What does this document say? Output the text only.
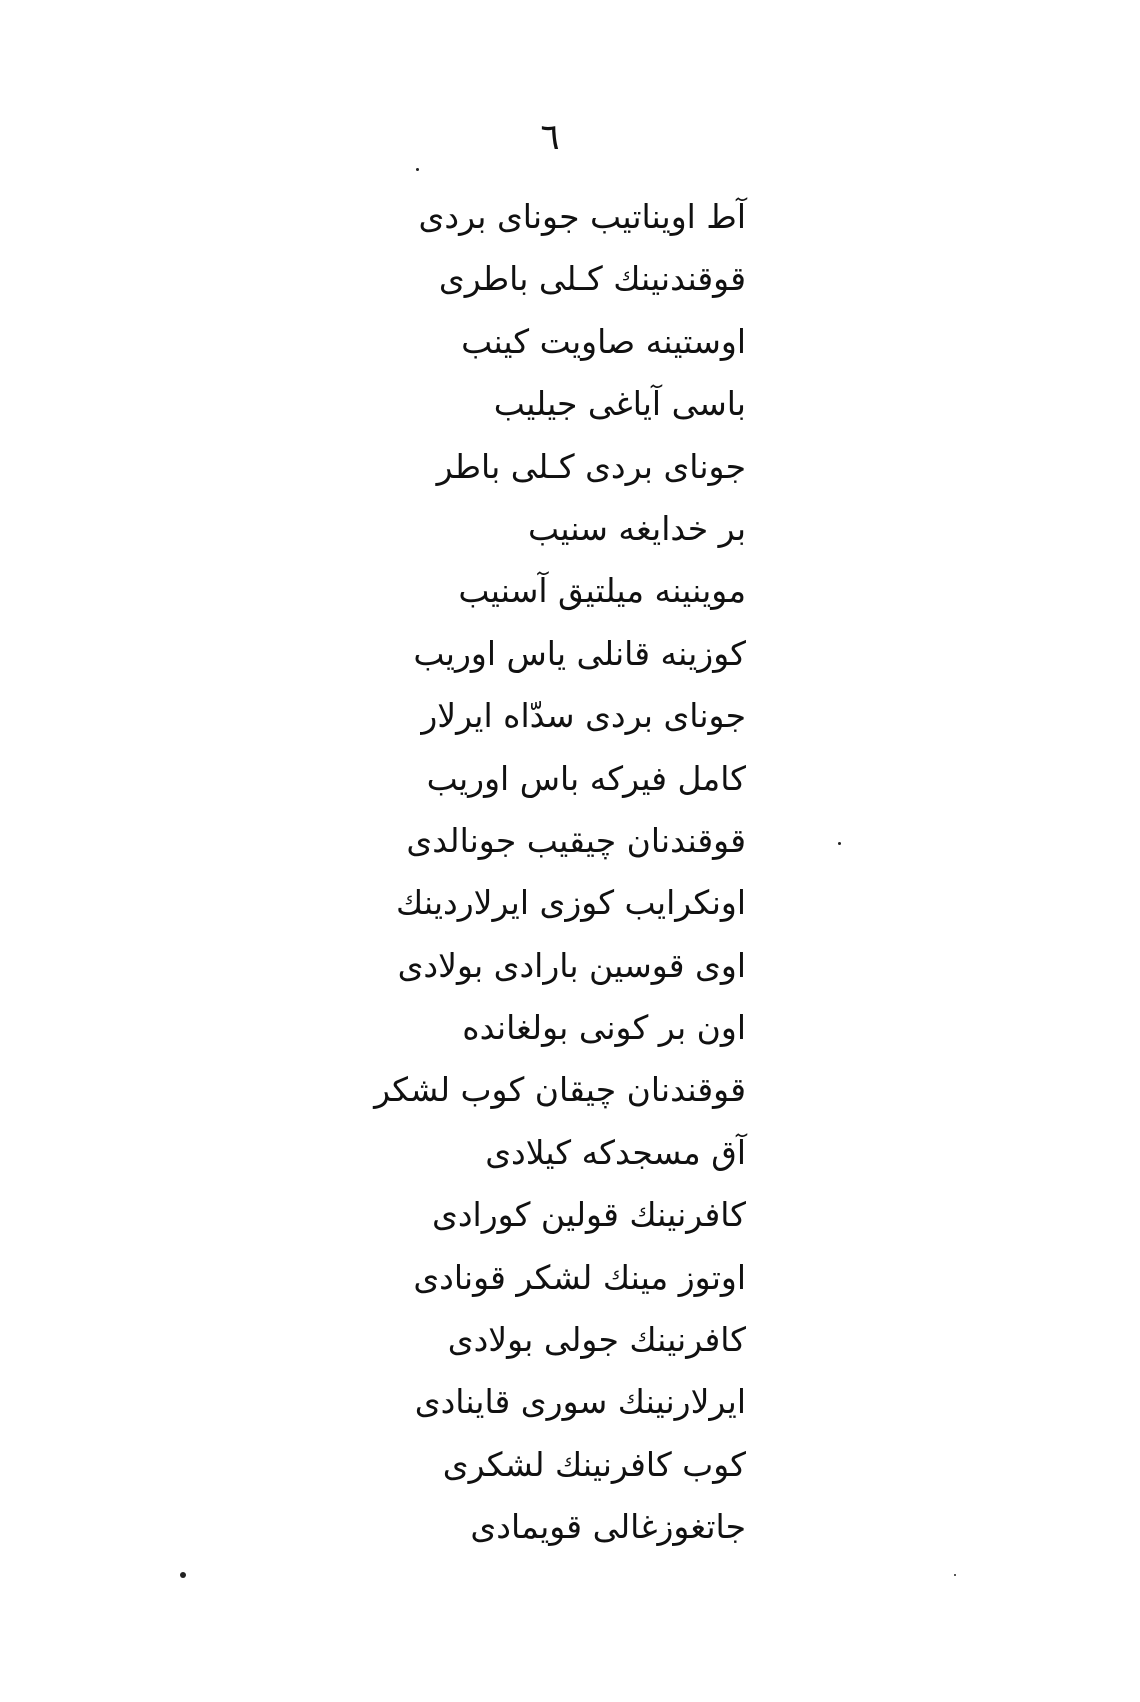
٦
آط اویناتیب جونای بردی
قوقندنینك كـلی باطری
اوستینه صاویت كینب
باسی آیاغی جیلیب
جونای بردی كـلی باطر
بر خدایغه سنیب
موینینه میلتیق آسنیب
كوزینه قانلی یاس اوریب
جونای بردی سدّاه ایرلار
كامل فیركه باس اوریب
قوقندنان چیقیب جونالدی
اونكرایب كوزی ایرلاردینك
اوی قوسین بارادی بولادی
اون بر كونی بولغانده
قوقندنان چیقان كوب لشكر
آق مسجدكه كیلادی
كافرنینك قولین كورادی
اوتوز مینك لشكر قونادی
كافرنینك جولی بولادی
ایرلارنینك سوری قاینادی
كوب كافرنینك لشكری
جاتغوزغالی قویمادی
